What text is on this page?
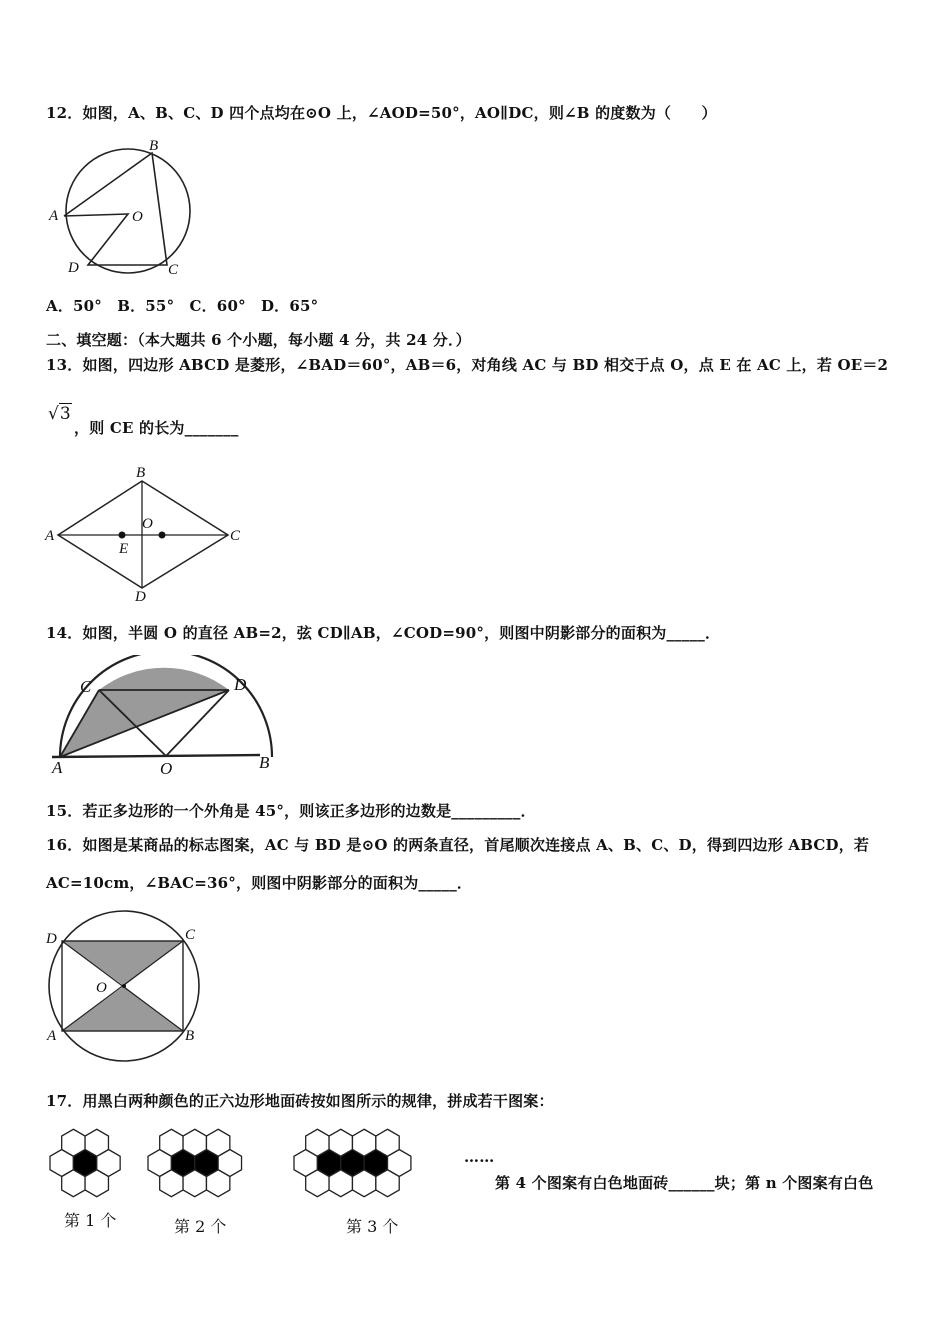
12．如图，A、B、C、D 四个点均在⊙O 上，∠AOD=50°，AO∥DC，则∠B 的度数为（　　）
B
A	O
D	C
A．50°　B．55°　C．60°　D．65°
二、填空题：（本大题共 6 个小题，每小题 4 分，共 24 分．）
13．如图，四边形 ABCD 是菱形，∠BAD＝60°，AB＝6，对角线 AC 与 BD 相交于点 O，点 E 在 AC 上，若 OE＝2
√3
，则 CE 的长为_______
B
A
O
C
E
D
14．如图，半圆 O 的直径 AB=2，弦 CD∥AB，∠COD=90°，则图中阴影部分的面积为_____．
C	D
A	O	B
15．若正多边形的一个外角是 45°，则该正多边形的边数是_________．
16．如图是某商品的标志图案，AC 与 BD 是⊙O 的两条直径，首尾顺次连接点 A、B、C、D，得到四边形 ABCD，若
AC=10cm，∠BAC=36°，则图中阴影部分的面积为_____．
D	C
O
A	B
17．用黑白两种颜色的正六边形地面砖按如图所示的规律，拼成若干图案：
……
第 4 个图案有白色地面砖______块；第 n 个图案有白色
第 1 个	第 2 个	第 3 个
